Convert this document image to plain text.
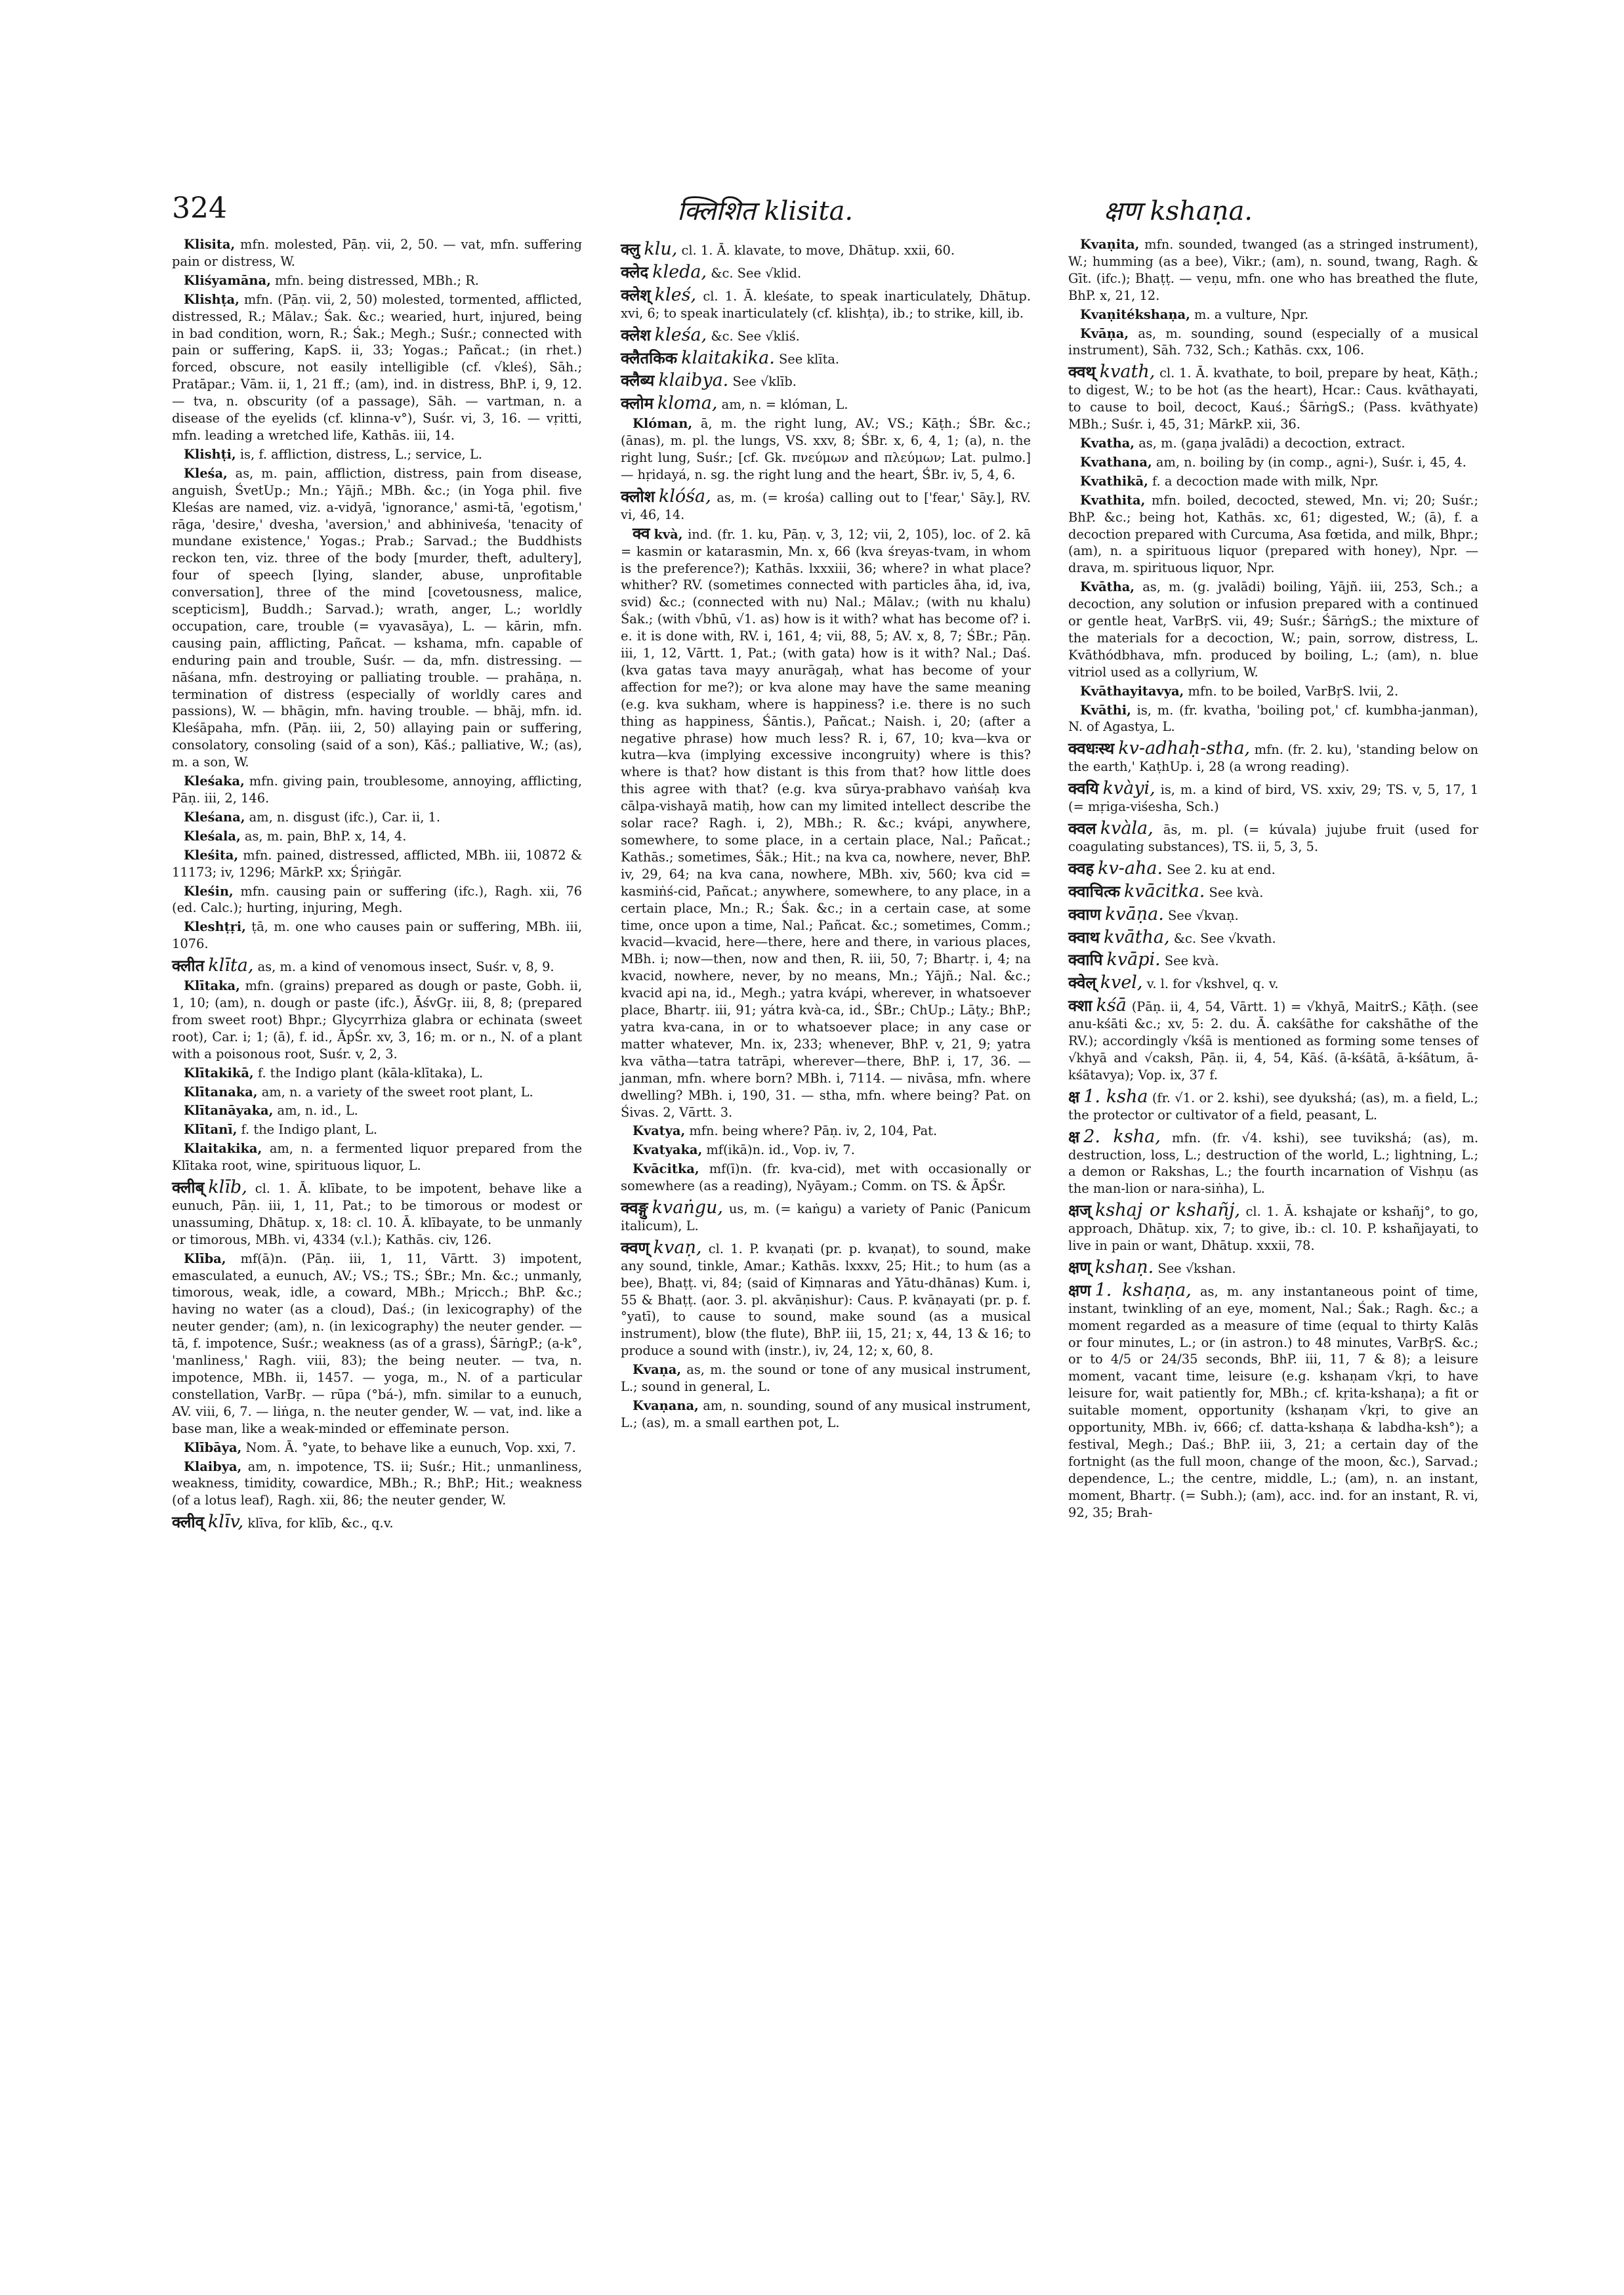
324	क्लिशित klisita.	क्षण kshaṇa.

Klisita, mfn. molested, Pāṇ. vii, 2, 50. — vat, mfn. suffering pain or distress, W.

Kliśyamāna, mfn. being distressed, MBh.; R.

Klishṭa, mfn. (Pāṇ. vii, 2, 50) molested, tormented, afflicted, distressed, R.; Mālav.; Śak. &c.; wearied, hurt, injured, being in bad condition, worn, R.; Śak.; Megh.; Suśr.; connected with pain or suffering, KapS. ii, 33; Yogas.; Pañcat.; (in rhet.) forced, obscure, not easily intelligible (cf. √kleś), Sāh.; Pratāpar.; Vām. ii, 1, 21 ff.; (am), ind. in distress, BhP. i, 9, 12. — tva, n. obscurity (of a passage), Sāh. — vartman, n. a disease of the eyelids (cf. klinna-v°), Suśr. vi, 3, 16. — vṛitti, mfn. leading a wretched life, Kathās. iii, 14.

Klishṭi, is, f. affliction, distress, L.; service, L.

Kleśa, as, m. pain, affliction, distress, pain from disease, anguish, ŚvetUp.; Mn.; Yājñ.; MBh. &c.; (in Yoga phil. five Kleśas are named, viz. a-vidyā, 'ignorance,' asmi-tā, 'egotism,' rāga, 'desire,' dvesha, 'aversion,' and abhiniveśa, 'tenacity of mundane existence,' Yogas.; Prab.; Sarvad.; the Buddhists reckon ten, viz. three of the body [murder, theft, adultery], four of speech [lying, slander, abuse, unprofitable conversation], three of the mind [covetousness, malice, scepticism], Buddh.; Sarvad.); wrath, anger, L.; worldly occupation, care, trouble (= vyavasāya), L. — kārin, mfn. causing pain, afflicting, Pañcat. — kshama, mfn. capable of enduring pain and trouble, Suśr. — da, mfn. distressing. — nāśana, mfn. destroying or palliating trouble. — prahāṇa, n. termination of distress (especially of worldly cares and passions), W. — bhāgin, mfn. having trouble. — bhāj, mfn. id. Kleśāpaha, mfn. (Pāṇ. iii, 2, 50) allaying pain or suffering, consolatory, consoling (said of a son), Kāś.; palliative, W.; (as), m. a son, W.

Kleśaka, mfn. giving pain, troublesome, annoying, afflicting, Pāṇ. iii, 2, 146.

Kleśana, am, n. disgust (ifc.), Car. ii, 1.

Kleśala, as, m. pain, BhP. x, 14, 4.

Kleśita, mfn. pained, distressed, afflicted, MBh. iii, 10872 & 11173; iv, 1296; MārkP. xx; Śṛiṅgār.

Kleśin, mfn. causing pain or suffering (ifc.), Ragh. xii, 76 (ed. Calc.); hurting, injuring, Megh.

Kleshṭṛi, ṭā, m. one who causes pain or suffering, MBh. iii, 1076.

क्लीत klīta, as, m. a kind of venomous insect, Suśr. v, 8, 9.

Klītaka, mfn. (grains) prepared as dough or paste, Gobh. ii, 1, 10; (am), n. dough or paste (ifc.), ĀśvGṛ. iii, 8, 8; (prepared from sweet root) Bhpr.; Glycyrrhiza glabra or echinata (sweet root), Car. i; 1; (ā), f. id., ĀpŚr. xv, 3, 16; m. or n., N. of a plant with a poisonous root, Suśr. v, 2, 3.

Klītakikā, f. the Indigo plant (kāla-klītaka), L.

Klītanaka, am, n. a variety of the sweet root plant, L.

Klītanāyaka, am, n. id., L.

Klītanī, f. the Indigo plant, L.

Klaitakika, am, n. a fermented liquor prepared from the Klītaka root, wine, spirituous liquor, L.

क्लीब् klīb, cl. 1. Ā. klībate, to be impotent, behave like a eunuch, Pāṇ. iii, 1, 11, Pat.; to be timorous or modest or unassuming, Dhātup. x, 18: cl. 10. Ā. klībayate, to be unmanly or timorous, MBh. vi, 4334 (v.l.); Kathās. civ, 126.

Klība, mf(ā)n. (Pāṇ. iii, 1, 11, Vārtt. 3) impotent, emasculated, a eunuch, AV.; VS.; TS.; ŚBr.; Mn. &c.; unmanly, timorous, weak, idle, a coward, MBh.; Mṛicch.; BhP. &c.; having no water (as a cloud), Daś.; (in lexicography) of the neuter gender; (am), n. (in lexicography) the neuter gender. — tā, f. impotence, Suśr.; weakness (as of a grass), ŚārṅgP.; (a-k°, 'manliness,' Ragh. viii, 83); the being neuter. — tva, n. impotence, MBh. ii, 1457. — yoga, m., N. of a particular constellation, VarBṛ. — rūpa (°bá-), mfn. similar to a eunuch, AV. viii, 6, 7. — liṅga, n. the neuter gender, W. — vat, ind. like a base man, like a weak-minded or effeminate person.

Klībāya, Nom. Ā. °yate, to behave like a eunuch, Vop. xxi, 7.

Klaibya, am, n. impotence, TS. ii; Suśr.; Hit.; unmanliness, weakness, timidity, cowardice, MBh.; R.; BhP.; Hit.; weakness (of a lotus leaf), Ragh. xii, 86; the neuter gender, W.

क्लीव् klīv, klīva, for klīb, &c., q.v.

क्लु klu, cl. 1. Ā. klavate, to move, Dhātup. xxii, 60.

क्लेद kleda, &c. See √klid.

क्लेश् kleś, cl. 1. Ā. kleśate, to speak inarticulately, Dhātup. xvi, 6; to speak inarticulately (cf. klishṭa), ib.; to strike, kill, ib.

क्लेश kleśa, &c. See √kliś.

क्लैतकिक klaitakika. See klīta.

क्लैब्य klaibya. See √klīb.

क्लोम kloma, am, n. = klóman, L.

Klóman, ā, m. the right lung, AV.; VS.; Kāṭh.; ŚBr. &c.; (ānas), m. pl. the lungs, VS. xxv, 8; ŚBr. x, 6, 4, 1; (a), n. the right lung, Suśr.; [cf. Gk. πνεύμων and πλεύμων; Lat. pulmo.] — hṛidayá, n. sg. the right lung and the heart, ŚBr. iv, 5, 4, 6.

क्लोश klóśa, as, m. (= krośa) calling out to ['fear,' Sāy.], RV. vi, 46, 14.

क्व kvà, ind. (fr. 1. ku, Pāṇ. v, 3, 12; vii, 2, 105), loc. of 2. kā = kasmin or katarasmin, Mn. x, 66 (kva śreyas-tvam, in whom is the preference?); Kathās. lxxxiii, 36; where? in what place? whither? RV. (sometimes connected with particles āha, id, iva, svid) &c.; (connected with nu) Nal.; Mālav.; (with nu khalu) Śak.; (with √bhū, √1. as) how is it with? what has become of? i. e. it is done with, RV. i, 161, 4; vii, 88, 5; AV. x, 8, 7; ŚBr.; Pāṇ. iii, 1, 12, Vārtt. 1, Pat.; (with gata) how is it with? Nal.; Daś. (kva gatas tava mayy anurāgaḥ, what has become of your affection for me?); or kva alone may have the same meaning (e.g. kva sukham, where is happiness? i.e. there is no such thing as happiness, Śāntis.), Pañcat.; Naish. i, 20; (after a negative phrase) how much less? R. i, 67, 10; kva—kva or kutra—kva (implying excessive incongruity) where is this? where is that? how distant is this from that? how little does this agree with that? (e.g. kva sūrya-prabhavo vaṅśaḥ kva cālpa-vishayā matiḥ, how can my limited intellect describe the solar race? Ragh. i, 2), MBh.; R. &c.; kvápi, anywhere, somewhere, to some place, in a certain place, Nal.; Pañcat.; Kathās.; sometimes, Śāk.; Hit.; na kva ca, nowhere, never, BhP. iv, 29, 64; na kva cana, nowhere, MBh. xiv, 560; kva cid = kasmiṅś-cid, Pañcat.; anywhere, somewhere, to any place, in a certain place, Mn.; R.; Śak. &c.; in a certain case, at some time, once upon a time, Nal.; Pañcat. &c.; sometimes, Comm.; kvacid—kvacid, here—there, here and there, in various places, MBh. i; now—then, now and then, R. iii, 50, 7; Bhartṛ. i, 4; na kvacid, nowhere, never, by no means, Mn.; Yājñ.; Nal. &c.; kvacid api na, id., Megh.; yatra kvápi, wherever, in whatsoever place, Bhartṛ. iii, 91; yátra kvà-ca, id., ŚBr.; ChUp.; Lāṭy.; BhP.; yatra kva-cana, in or to whatsoever place; in any case or matter whatever, Mn. ix, 233; whenever, BhP. v, 21, 9; yatra kva vātha—tatra tatrāpi, wherever—there, BhP. i, 17, 36. — janman, mfn. where born? MBh. i, 7114. — nivāsa, mfn. where dwelling? MBh. i, 190, 31. — stha, mfn. where being? Pat. on Śivas. 2, Vārtt. 3.

Kvatya, mfn. being where? Pāṇ. iv, 2, 104, Pat.

Kvatyaka, mf(ikā)n. id., Vop. iv, 7.

Kvācitka, mf(ī)n. (fr. kva-cid), met with occasionally or somewhere (as a reading), Nyāyam.; Comm. on TS. & ĀpŚr.

क्वङ्गु kvaṅgu, us, m. (= kaṅgu) a variety of Panic (Panicum italicum), L.

क्वण् kvaṇ, cl. 1. P. kvaṇati (pr. p. kvaṇat), to sound, make any sound, tinkle, Amar.; Kathās. lxxxv, 25; Hit.; to hum (as a bee), Bhaṭṭ. vi, 84; (said of Kiṃnaras and Yātu-dhānas) Kum. i, 55 & Bhaṭṭ. (aor. 3. pl. akvāṇishur): Caus. P. kvāṇayati (pr. p. f. °yatī), to cause to sound, make sound (as a musical instrument), blow (the flute), BhP. iii, 15, 21; x, 44, 13 & 16; to produce a sound with (instr.), iv, 24, 12; x, 60, 8.

Kvaṇa, as, m. the sound or tone of any musical instrument, L.; sound in general, L.

Kvaṇana, am, n. sounding, sound of any musical instrument, L.; (as), m. a small earthen pot, L.

Kvaṇita, mfn. sounded, twanged (as a stringed instrument), W.; humming (as a bee), Vikr.; (am), n. sound, twang, Ragh. & Gīt. (ifc.); Bhaṭṭ. — veṇu, mfn. one who has breathed the flute, BhP. x, 21, 12.

Kvaṇitékshaṇa, m. a vulture, Npr.

Kvāṇa, as, m. sounding, sound (especially of a musical instrument), Sāh. 732, Sch.; Kathās. cxx, 106.

क्वथ् kvath, cl. 1. Ā. kvathate, to boil, prepare by heat, Kāṭh.; to digest, W.; to be hot (as the heart), Hcar.: Caus. kvāthayati, to cause to boil, decoct, Kauś.; ŚārṅgS.; (Pass. kvāthyate) MBh.; Suśr. i, 45, 31; MārkP. xii, 36.

Kvatha, as, m. (gaṇa jvalādi) a decoction, extract.

Kvathana, am, n. boiling by (in comp., agni-), Suśr. i, 45, 4.

Kvathikā, f. a decoction made with milk, Npr.

Kvathita, mfn. boiled, decocted, stewed, Mn. vi; 20; Suśr.; BhP. &c.; being hot, Kathās. xc, 61; digested, W.; (ā), f. a decoction prepared with Curcuma, Asa fœtida, and milk, Bhpr.; (am), n. a spirituous liquor (prepared with honey), Npr. — drava, m. spirituous liquor, Npr.

Kvātha, as, m. (g. jvalādi) boiling, Yājñ. iii, 253, Sch.; a decoction, any solution or infusion prepared with a continued or gentle heat, VarBṛS. vii, 49; Suśr.; ŚārṅgS.; the mixture of the materials for a decoction, W.; pain, sorrow, distress, L. Kvāthódbhava, mfn. produced by boiling, L.; (am), n. blue vitriol used as a collyrium, W.

Kvāthayitavya, mfn. to be boiled, VarBṛS. lvii, 2.

Kvāthi, is, m. (fr. kvatha, 'boiling pot,' cf. kumbha-janman), N. of Agastya, L.

क्वधःस्थ kv-adhaḥ-stha, mfn. (fr. 2. ku), 'standing below on the earth,' KaṭhUp. i, 28 (a wrong reading).

क्वयि kvàyi, is, m. a kind of bird, VS. xxiv, 29; TS. v, 5, 17, 1 (= mṛiga-viśesha, Sch.)

क्वल kvàla, ās, m. pl. (= kúvala) jujube fruit (used for coagulating substances), TS. ii, 5, 3, 5.

क्वह kv-aha. See 2. ku at end.

क्वाचित्क kvācitka. See kvà.

क्वाण kvāṇa. See √kvaṇ.

क्वाथ kvātha, &c. See √kvath.

क्वापि kvāpi. See kvà.

क्वेल् kvel, v. l. for √kshvel, q. v.

क्शा kśā (Pāṇ. ii, 4, 54, Vārtt. 1) = √khyā, MaitrS.; Kāṭh. (see anu-kśāti &c.; xv, 5: 2. du. Ā. cakśāthe for cakshāthe of the RV.); accordingly √kśā is mentioned as forming some tenses of √khyā and √caksh, Pāṇ. ii, 4, 54, Kāś. (ā-kśātā, ā-kśātum, ā-kśātavya); Vop. ix, 37 f.

क्ष 1. ksha (fr. √1. or 2. kshi), see dyukshá; (as), m. a field, L.; the protector or cultivator of a field, peasant, L.

क्ष 2. ksha, mfn. (fr. √4. kshi), see tuvikshá; (as), m. destruction, loss, L.; destruction of the world, L.; lightning, L.; a demon or Rakshas, L.; the fourth incarnation of Vishṇu (as the man-lion or nara-siṅha), L.

क्षज् kshaj or kshañj, cl. 1. Ā. kshajate or kshañj°, to go, approach, Dhātup. xix, 7; to give, ib.: cl. 10. P. kshañjayati, to live in pain or want, Dhātup. xxxii, 78.

क्षण् kshaṇ. See √kshan.

क्षण 1. kshaṇa, as, m. any instantaneous point of time, instant, twinkling of an eye, moment, Nal.; Śak.; Ragh. &c.; a moment regarded as a measure of time (equal to thirty Kalās or four minutes, L.; or (in astron.) to 48 minutes, VarBṛS. &c.; or to 4/5 or 24/35 seconds, BhP. iii, 11, 7 & 8); a leisure moment, vacant time, leisure (e.g. kshaṇam √kṛi, to have leisure for, wait patiently for, MBh.; cf. kṛita-kshaṇa); a fit or suitable moment, opportunity (kshaṇam √kṛi, to give an opportunity, MBh. iv, 666; cf. datta-kshaṇa & labdha-ksh°); a festival, Megh.; Daś.; BhP. iii, 3, 21; a certain day of the fortnight (as the full moon, change of the moon, &c.), Sarvad.; dependence, L.; the centre, middle, L.; (am), n. an instant, moment, Bhartṛ. (= Subh.); (am), acc. ind. for an instant, R. vi, 92, 35; Brah-
